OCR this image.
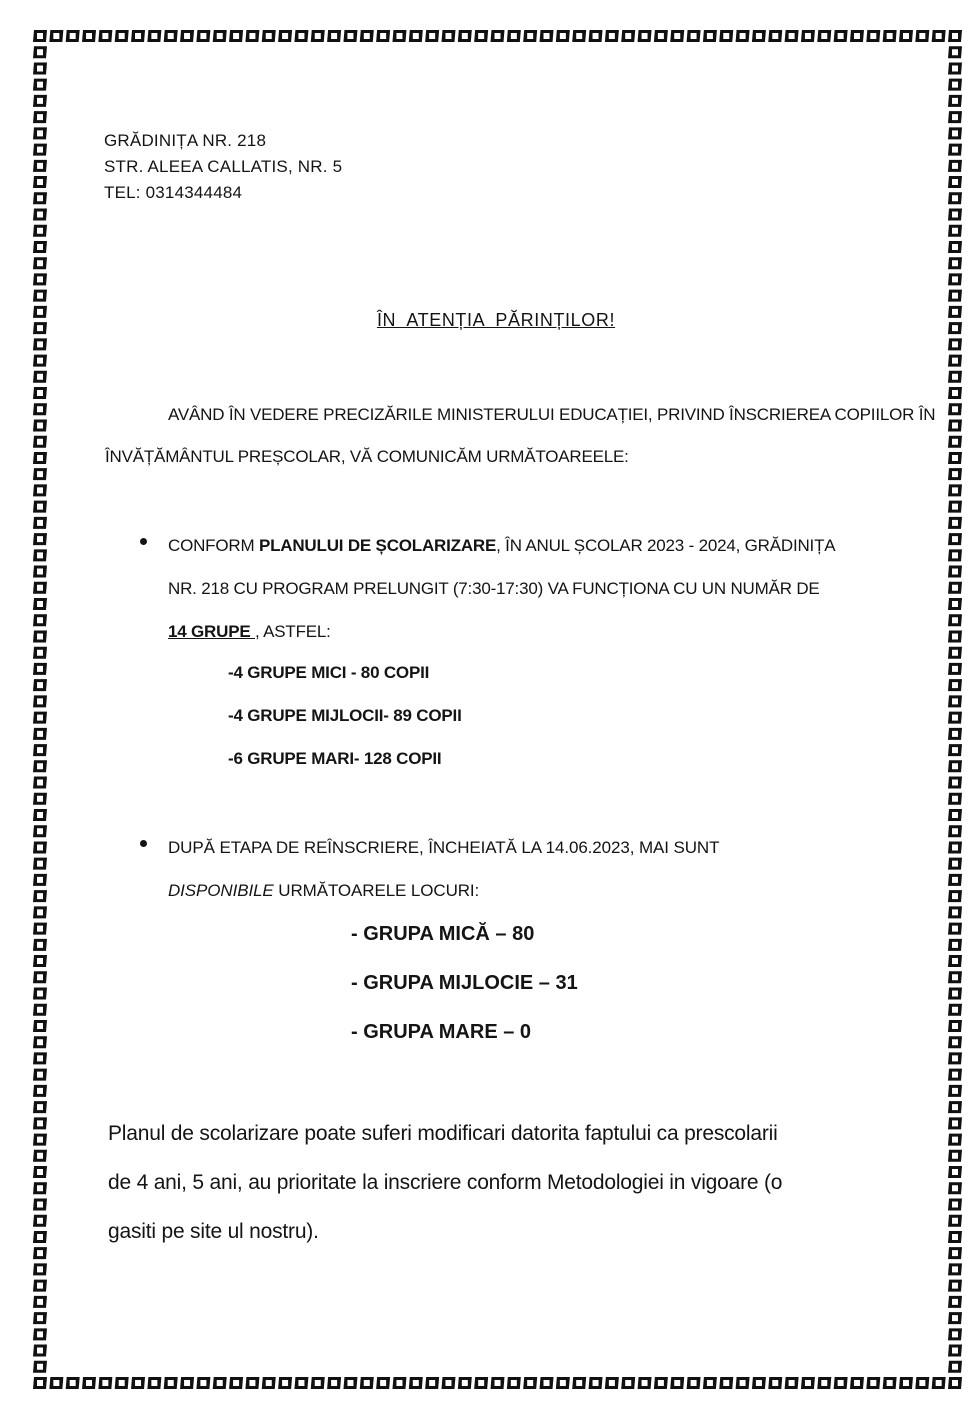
GRĂDINIȚA NR. 218
STR. ALEEA CALLATIS, NR. 5
TEL: 0314344484
ÎN  ATENȚIA  PĂRINȚILOR!
AVÂND ÎN VEDERE PRECIZĂRILE MINISTERULUI EDUCAȚIEI, PRIVIND ÎNSCRIEREA COPIILOR ÎN
ÎNVĂȚĂMÂNTUL PREȘCOLAR, VĂ COMUNICĂM URMĂTOAREELE:
CONFORM PLANULUI DE ȘCOLARIZARE, ÎN ANUL ȘCOLAR 2023 - 2024, GRĂDINIȚA
NR. 218 CU PROGRAM PRELUNGIT (7:30-17:30) VA FUNCȚIONA CU UN NUMĂR DE
14 GRUPE , ASTFEL:
-4 GRUPE MICI - 80 COPII
-4 GRUPE MIJLOCII- 89 COPII
-6 GRUPE MARI- 128 COPII
DUPĂ ETAPA DE REÎNSCRIERE, ÎNCHEIATĂ LA 14.06.2023, MAI SUNT
DISPONIBILE URMĂTOARELE LOCURI:
- GRUPA MICĂ – 80
- GRUPA MIJLOCIE – 31
- GRUPA MARE – 0
Planul de scolarizare poate suferi modificari datorita faptului ca prescolarii
de 4 ani, 5 ani, au prioritate la inscriere conform Metodologiei in vigoare (o
gasiti pe site ul nostru).
